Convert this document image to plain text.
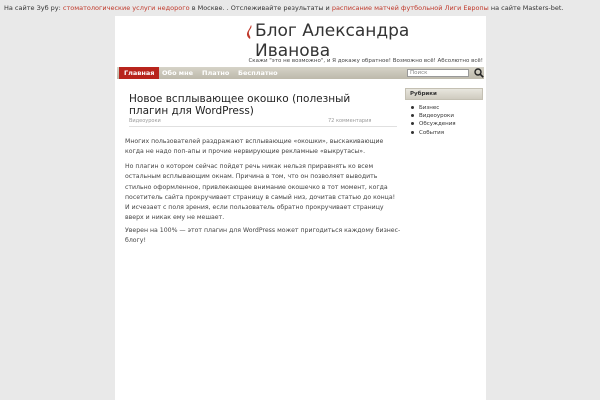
На сайте Зуб ру: стоматологические услуги недорого в Москве. . Отслеживайте результаты и расписание матчей футбольной Лиги Европы на сайте Masters-bet.
Блог Александра Иванова
Скажи "это не возможно", и Я докажу обратное! Возможно всё! Абсолютно всё!
Главная	Обо мне	Платно	Бесплатно	Поиск
Новое всплывающее окошко (полезный плагин для WordPress)
Видеоуроки	72 комментария
Многих пользователей раздражают всплывающие «окошки», выскакивающие когда не надо поп-апы и прочие нервирующие рекламные «выкрутасы».
Но плагин о котором сейчас пойдет речь никак нельзя приравнять ко всем остальным всплывающим окнам. Причина в том, что он позволяет выводить стильно оформленное, привлекающее внимание окошечко в тот момент, когда посетитель сайта прокручивает страницу в самый низ, дочитав статью до конца! И исчезает с поля зрения, если пользователь обратно прокручивает страницу вверх и никак ему не мешает.
Уверен на 100% — этот плагин для WordPress может пригодиться каждому бизнес-блогу!
Рубрики
Бизнес
Видеоуроки
Обсуждения
События
